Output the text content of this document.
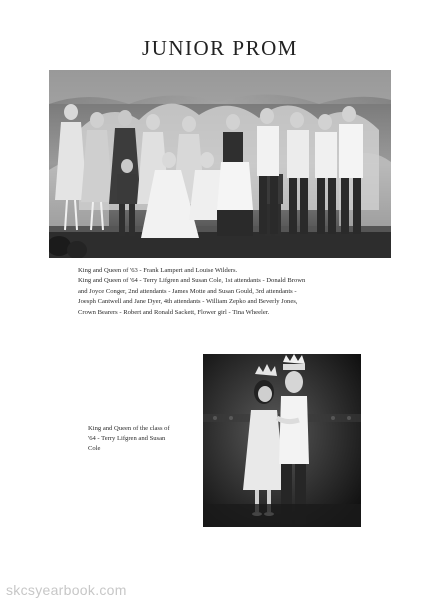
JUNIOR PROM
King and Queen of '63 - Frank Lampert and Louise Wilders.
King and Queen of '64 - Terry Lifgren and Susan Cole, 1st attendants - Donald Brown
and Joyce Conger, 2nd attendants - James Motte and Susan Gould, 3rd attendants -
Joesph Cantwell and Jane Dyer, 4th attendants - William Zepko and Beverly Jones,
Crown Bearers - Robert and Ronald Sackett, Flower girl - Tina Wheeler.
King and Queen of the class of
'64 - Terry Lifgren and Susan
Cole
skcsyearbook.com
